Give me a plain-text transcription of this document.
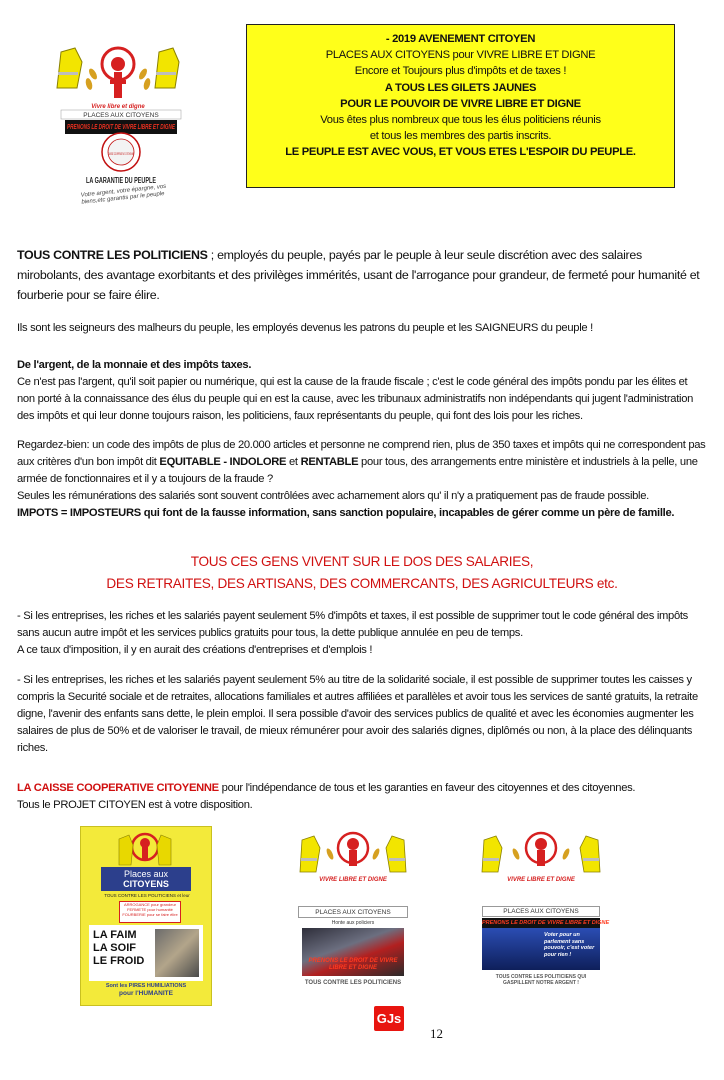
Vivre libre et digne
PLACES AUX CITOYENS
PRENONS LE DROIT DE VIVRE LIBRE ET DIGNE
CAISSE COOPERATIVE CITOYENNE
LA GARANTIE DU PEUPLE
Votre argent, votre épargne, vos biens,etc garantis par le peuple
- 2019 AVENEMENT CITOYEN
PLACES AUX CITOYENS pour VIVRE LIBRE ET DIGNE
Encore et Toujours plus d'impôts et de taxes !
A TOUS LES GILETS JAUNES
POUR LE POUVOIR DE VIVRE LIBRE ET DIGNE
Vous êtes plus nombreux que tous les élus politiciens réunis
et tous les membres des partis inscrits.
LE PEUPLE EST AVEC VOUS, ET VOUS ETES L'ESPOIR DU PEUPLE.
TOUS CONTRE LES POLITICIENS ; employés du peuple, payés par le peuple à leur seule discrétion avec des salaires mirobolants, des avantage exorbitants et des privilèges immérités, usant de l'arrogance pour grandeur, de fermeté pour humanité et fourberie pour se faire élire.
Ils sont les seigneurs des malheurs du peuple, les employés devenus les patrons du peuple et les SAIGNEURS du peuple !
De l'argent, de la monnaie et des impôts taxes.
Ce n'est pas l'argent, qu'il soit papier ou numérique, qui est la cause de la fraude fiscale ; c'est le code général des impôts pondu par les élites et non porté à la connaissance des élus du peuple qui en est la cause, avec les tribunaux administratifs non indépendants qui jugent l'administration des impôts et qui leur donne toujours raison, les politiciens, faux représentants du peuple, qui font des lois pour les riches.
Regardez-bien: un code des impôts de plus de 20.000 articles et personne ne comprend rien, plus de 350 taxes et impôts qui ne correspondent pas aux critères d'un bon impôt dit EQUITABLE - INDOLORE et RENTABLE pour tous, des arrangements entre ministère et industriels à la pelle, une armée de fonctionnaires et il y a toujours de la fraude ?
Seules les rémunérations des salariés sont souvent contrôlées avec acharnement alors qu' il n'y a pratiquement pas de fraude possible.
IMPOTS = IMPOSTEURS qui font de la fausse information, sans sanction populaire, incapables de gérer comme un père de famille.
TOUS CES GENS VIVENT SUR LE DOS DES SALARIES,
DES RETRAITES, DES ARTISANS, DES COMMERCANTS, DES AGRICULTEURS etc.
- Si les entreprises, les riches et les salariés payent seulement 5% d'impôts et taxes, il est possible de supprimer tout le code général des impôts sans aucun autre impôt et les services publics gratuits pour tous, la dette publique annulée en peu de temps.
A ce taux d'imposition, il y en aurait des créations d'entreprises et d'emplois !
- Si les entreprises, les riches et les salariés payent seulement 5% au titre de la solidarité sociale, il est possible de supprimer toutes les caisses y compris la Securité sociale et de retraites, allocations familiales et autres affiliées et parallèles et avoir tous les services de santé gratuits, la retraite digne, l'avenir des enfants sans dette, le plein emploi. Il sera possible d'avoir des services publics de qualité et avec les économies augmenter les salaires de plus de 50% et de valoriser le travail, de mieux rémunérer pour avoir des salariés dignes, diplômés ou non, à la place des délinquants riches.
LA CAISSE COOPERATIVE CITOYENNE pour l'indépendance de tous et les garanties en faveur des citoyennes et des citoyennes.
Tous le PROJET CITOYEN est à votre disposition.
Places aux
CITOYENS
TOUS CONTRE LES POLITICIENS et leur
ARROGANCE pour grandeur FERMETE pour humanité FOURBERIE pour se faire élire
LA FAIM
LA SOIF
LE FROID
Sont les PIRES HUMILIATIONS
pour l'HUMANITE
VIVRE LIBRE ET DIGNE
PLACES AUX CITOYENS
Honte aux policiers
PRENONS LE DROIT DE VIVRE LIBRE ET DIGNE
TOUS CONTRE LES POLITICIENS
VIVRE LIBRE ET DIGNE
PLACES AUX CITOYENS
PRENONS LE DROIT DE VIVRE LIBRE ET DIGNE
Voter pour un parlement sans pouvoir, c'est voter pour rien !
TOUS CONTRE LES POLITICIENS QUI GASPILLENT NOTRE ARGENT !
GJs
12
